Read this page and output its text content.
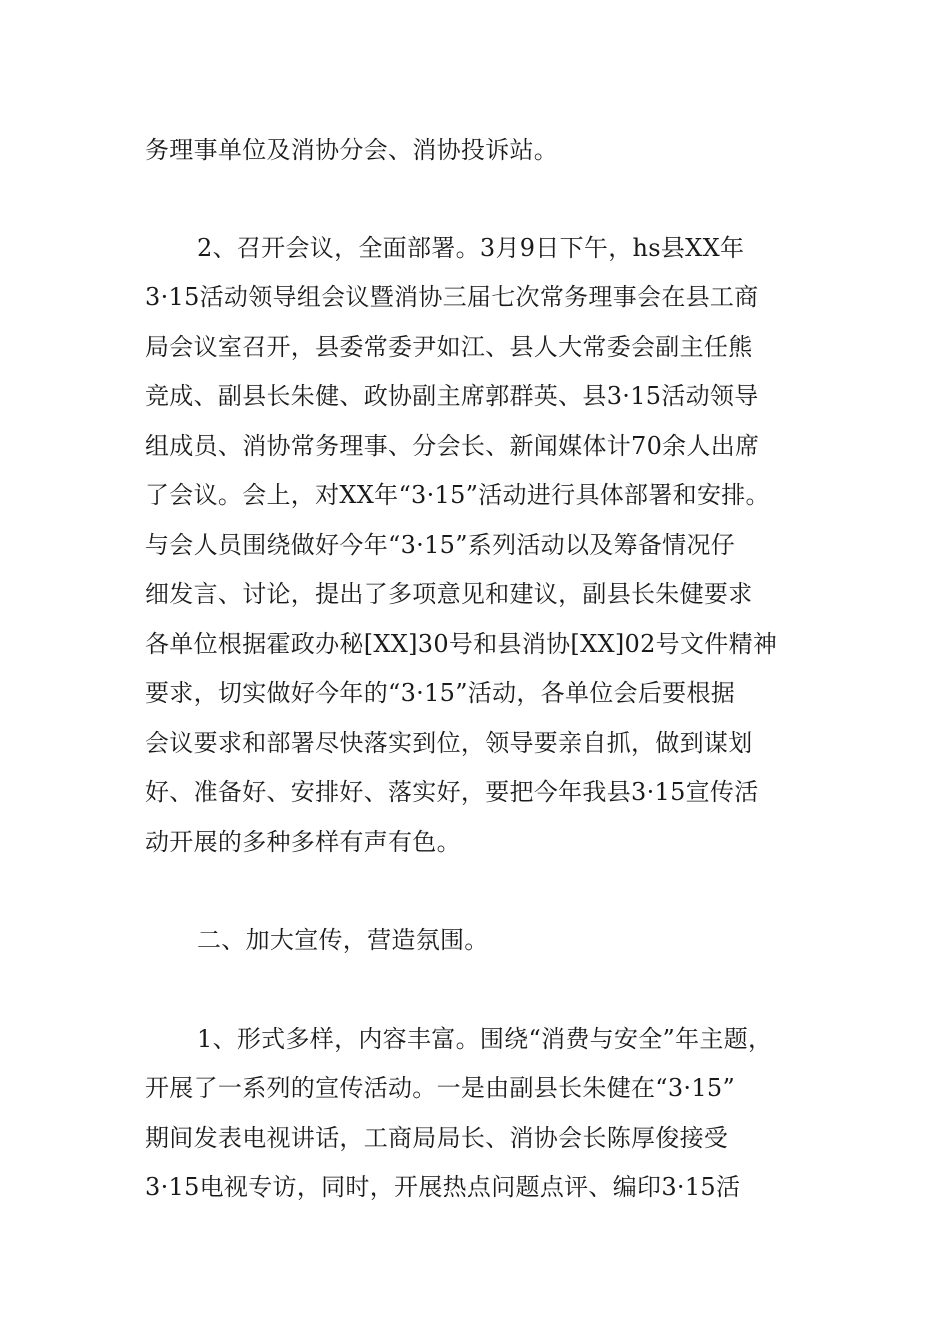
务理事单位及消协分会、消协投诉站。
2、召开会议，全面部署。3月9日下午，hs县XX年
3·15活动领导组会议暨消协三届七次常务理事会在县工商
局会议室召开，县委常委尹如江、县人大常委会副主任熊
竞成、副县长朱健、政协副主席郭群英、县3·15活动领导
组成员、消协常务理事、分会长、新闻媒体计70余人出席
了会议。会上，对XX年“3·15”活动进行具体部署和安排。
与会人员围绕做好今年“3·15”系列活动以及筹备情况仔
细发言、讨论，提出了多项意见和建议，副县长朱健要求
各单位根据霍政办秘[XX]30号和县消协[XX]02号文件精神
要求，切实做好今年的“3·15”活动，各单位会后要根据
会议要求和部署尽快落实到位，领导要亲自抓，做到谋划
好、准备好、安排好、落实好，要把今年我县3·15宣传活
动开展的多种多样有声有色。
二、加大宣传，营造氛围。
1、形式多样，内容丰富。围绕“消费与安全”年主题，
开展了一系列的宣传活动。一是由副县长朱健在“3·15”
期间发表电视讲话，工商局局长、消协会长陈厚俊接受
3·15电视专访，同时，开展热点问题点评、编印3·15活
